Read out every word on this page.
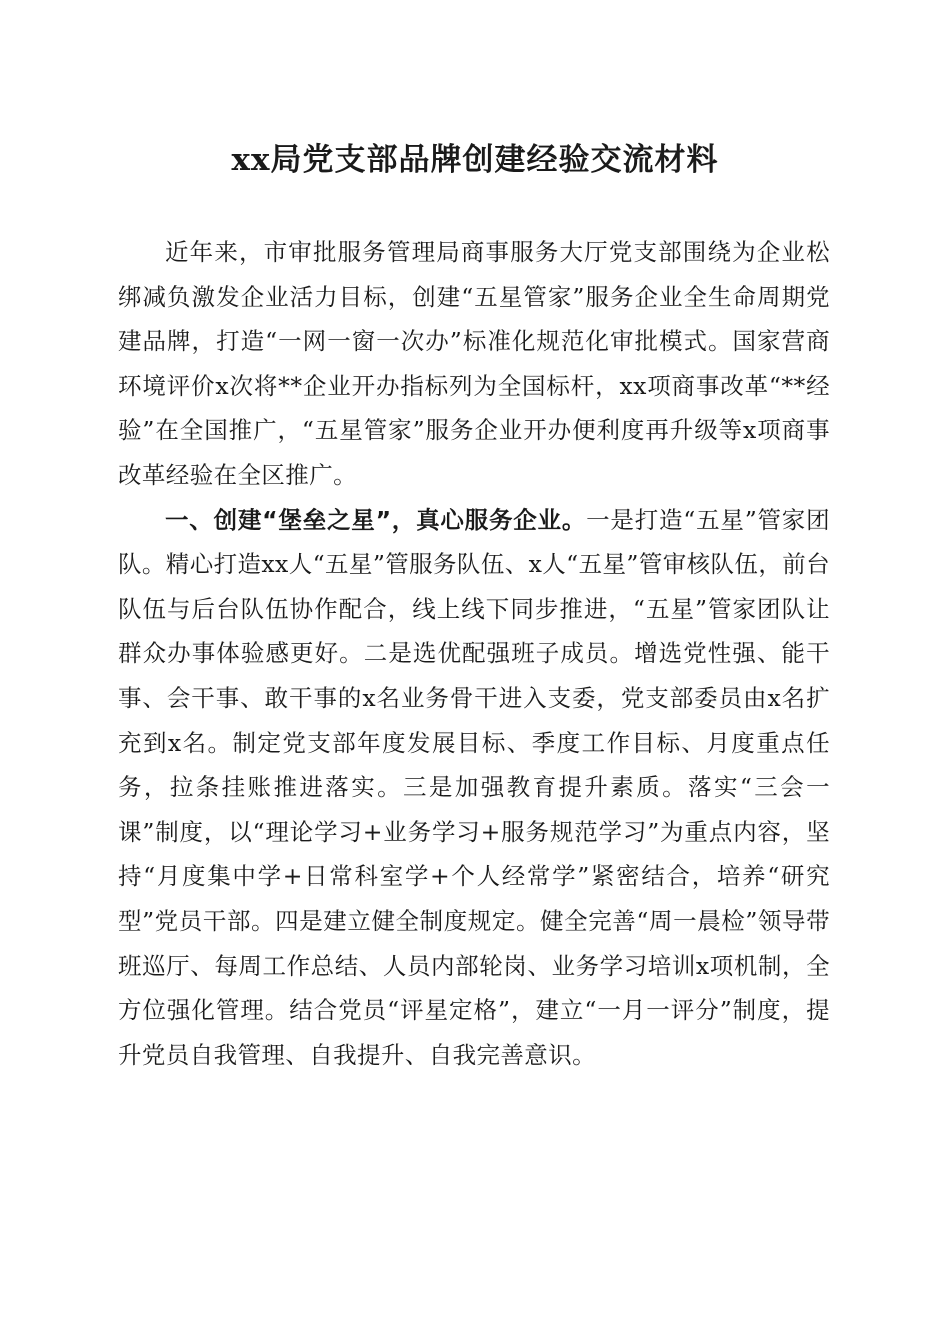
xx局党支部品牌创建经验交流材料

近年来，市审批服务管理局商事服务大厅党支部围绕为企业松绑减负激发企业活力目标，创建“五星管家”服务企业全生命周期党建品牌，打造“一网一窗一次办”标准化规范化审批模式。国家营商环境评价x次将**企业开办指标列为全国标杆，xx项商事改革“**经验”在全国推广，“五星管家”服务企业开办便利度再升级等x项商事改革经验在全区推广。

一、创建“堡垒之星”，真心服务企业。一是打造“五星”管家团队。精心打造xx人“五星”管服务队伍、x人“五星”管审核队伍，前台队伍与后台队伍协作配合，线上线下同步推进，“五星”管家团队让群众办事体验感更好。二是选优配强班子成员。增选党性强、能干事、会干事、敢干事的x名业务骨干进入支委，党支部委员由x名扩充到x名。制定党支部年度发展目标、季度工作目标、月度重点任务，拉条挂账推进落实。三是加强教育提升素质。落实“三会一课”制度，以“理论学习+业务学习+服务规范学习”为重点内容，坚持“月度集中学+日常科室学+个人经常学”紧密结合，培养“研究型”党员干部。四是建立健全制度规定。健全完善“周一晨检”领导带班巡厅、每周工作总结、人员内部轮岗、业务学习培训x项机制，全方位强化管理。结合党员“评星定格”，建立“一月一评分”制度，提升党员自我管理、自我提升、自我完善意识。
